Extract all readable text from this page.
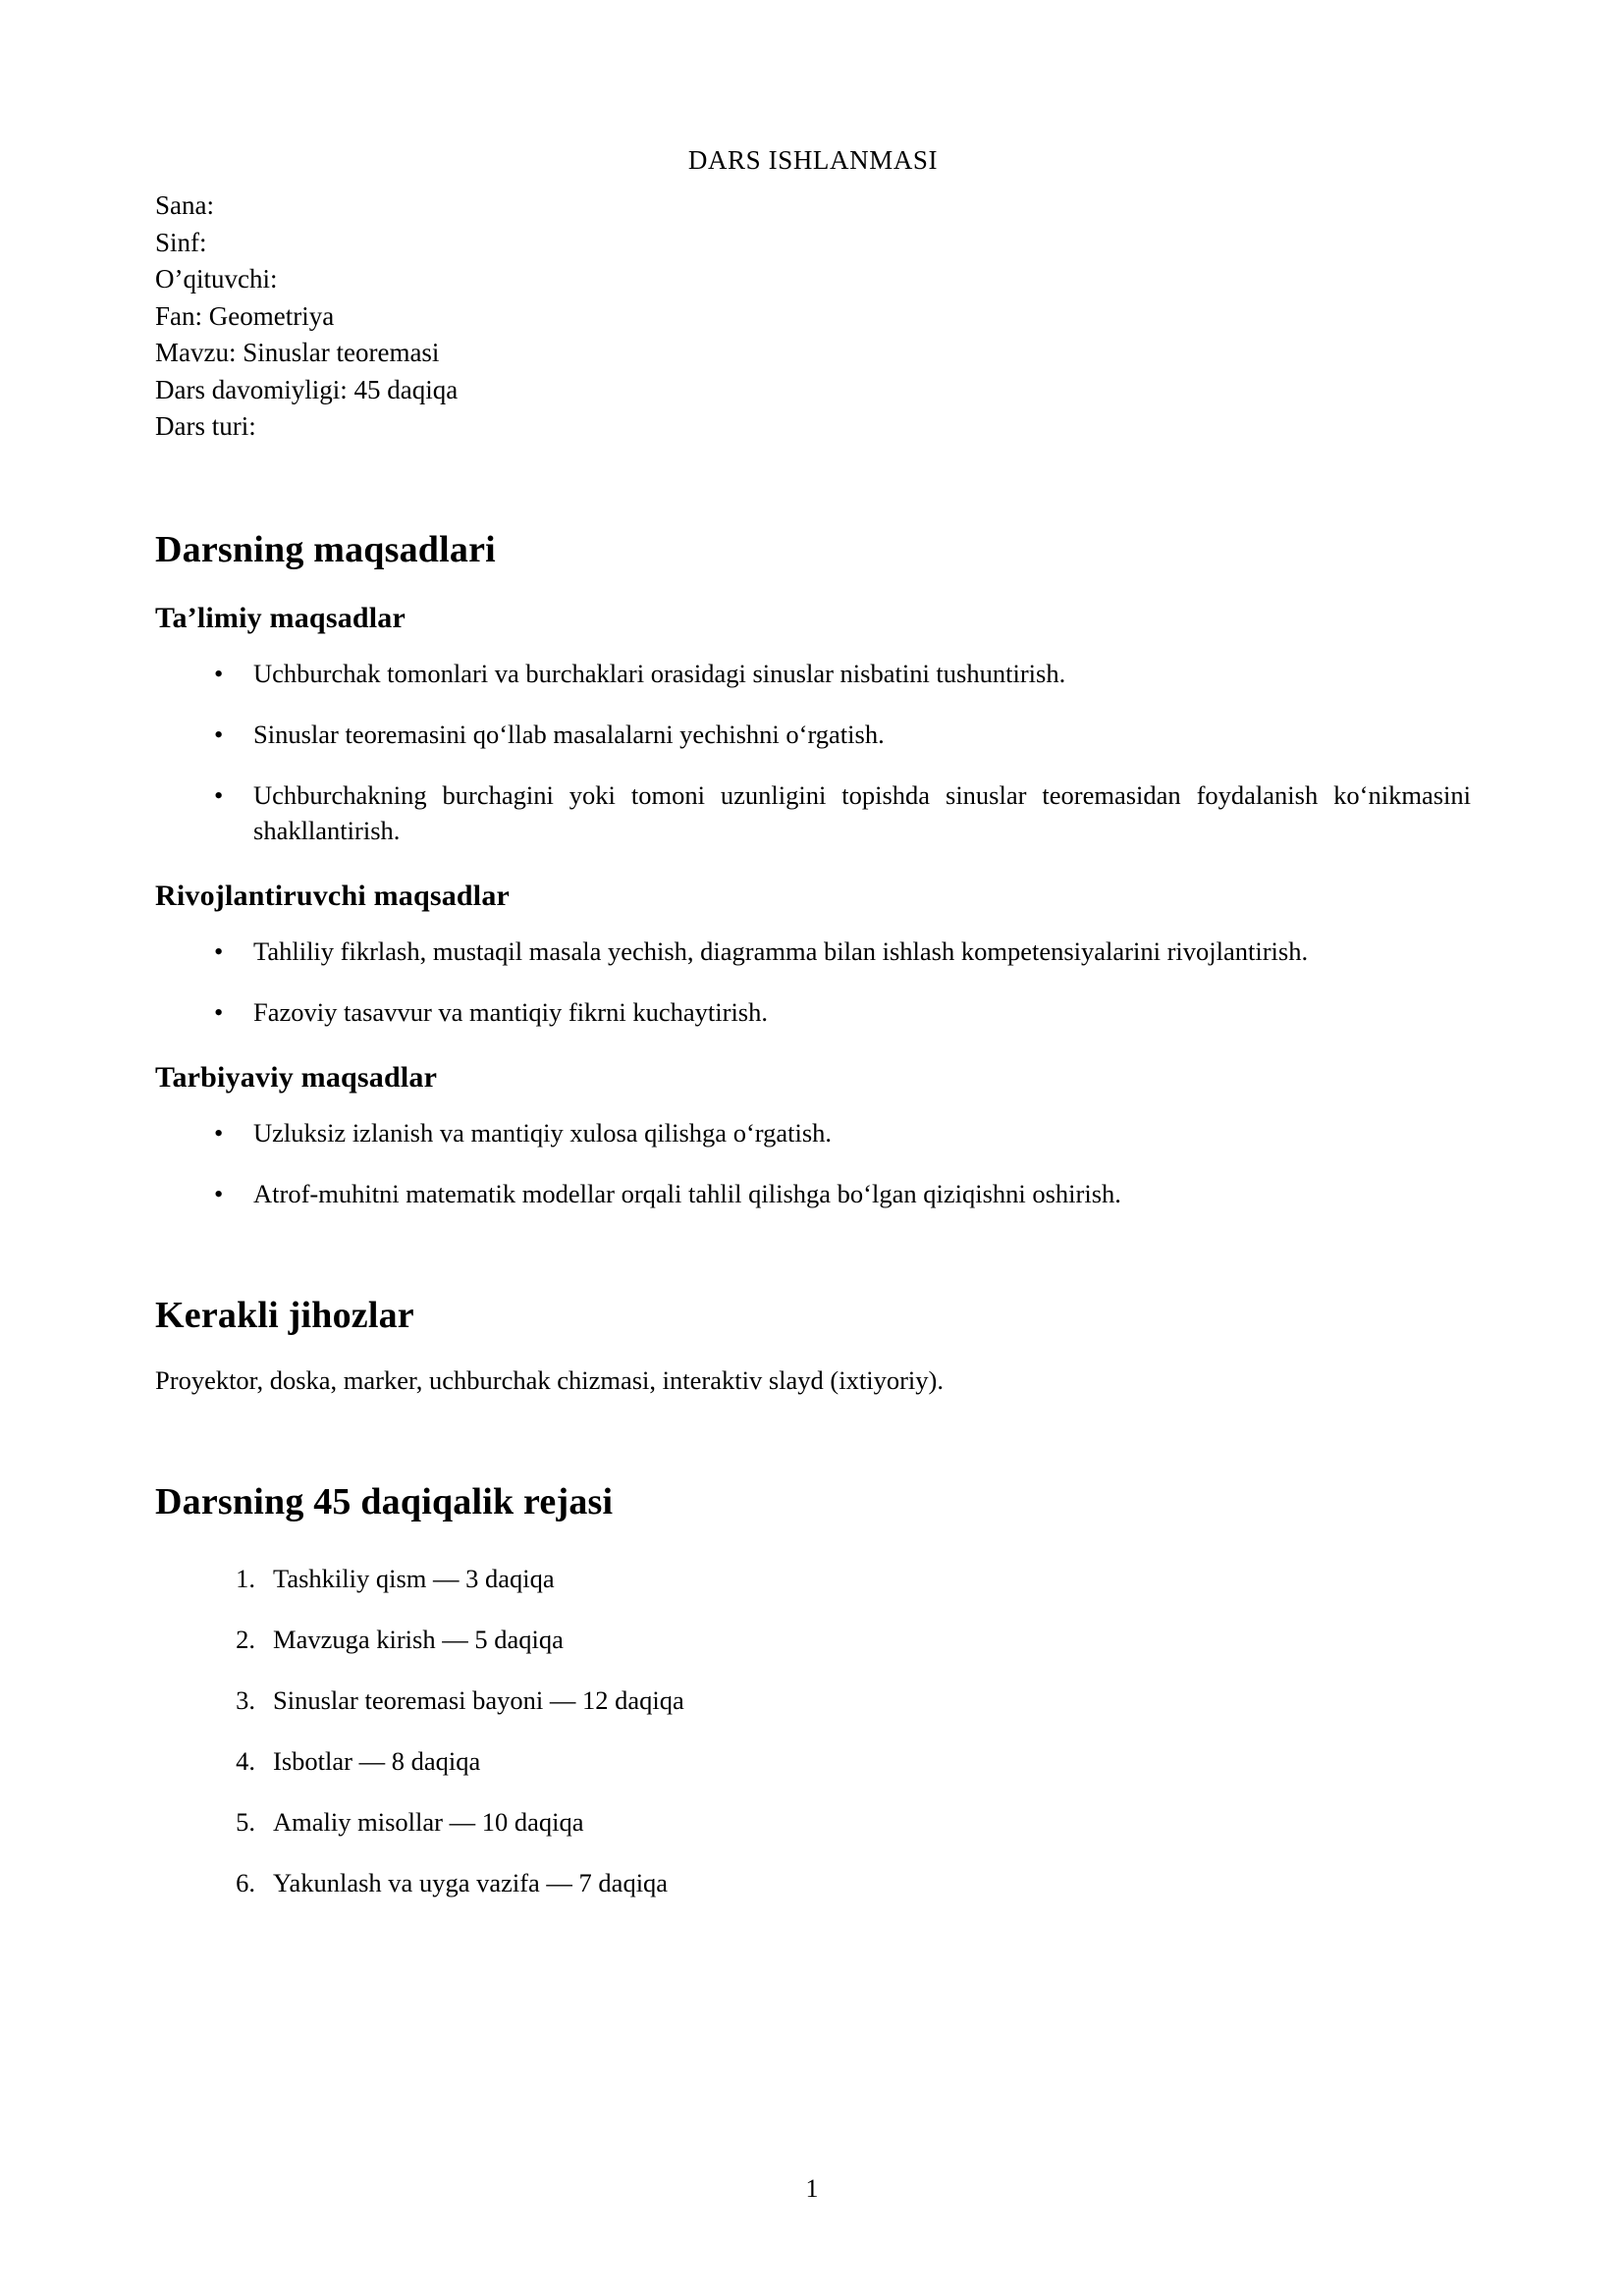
DARS ISHLANMASI
Sana:
Sinf:
O’qituvchi:
Fan: Geometriya
Mavzu: Sinuslar teoremasi
Dars davomiyligi: 45 daqiqa
Dars turi:
Darsning maqsadlari
Ta’limiy maqsadlar
• Uchburchak tomonlari va burchaklari orasidagi sinuslar nisbatini tushuntirish.
• Sinuslar teoremasini qo‘llab masalalarni yechishni o‘rgatish.
• Uchburchakning burchagini yoki tomoni uzunligini topishda sinuslar teoremasidan foydalanish ko‘nikmasini shakllantirish.
Rivojlantiruvchi maqsadlar
• Tahliliy fikrlash, mustaqil masala yechish, diagramma bilan ishlash kompetensiyalarini rivojlantirish.
• Fazoviy tasavvur va mantiqiy fikrni kuchaytirish.
Tarbiyaviy maqsadlar
• Uzluksiz izlanish va mantiqiy xulosa qilishga o‘rgatish.
• Atrof-muhitni matematik modellar orqali tahlil qilishga bo‘lgan qiziqishni oshirish.
Kerakli jihozlar

Proyektor, doska, marker, uchburchak chizmasi, interaktiv slayd (ixtiyoriy).

Darsning 45 daqiqalik rejasi
1. Tashkiliy qism — 3 daqiqa
2. Mavzuga kirish — 5 daqiqa
3. Sinuslar teoremasi bayoni — 12 daqiqa
4. Isbotlar — 8 daqiqa
5. Amaliy misollar — 10 daqiqa
6. Yakunlash va uyga vazifa — 7 daqiqa
1
